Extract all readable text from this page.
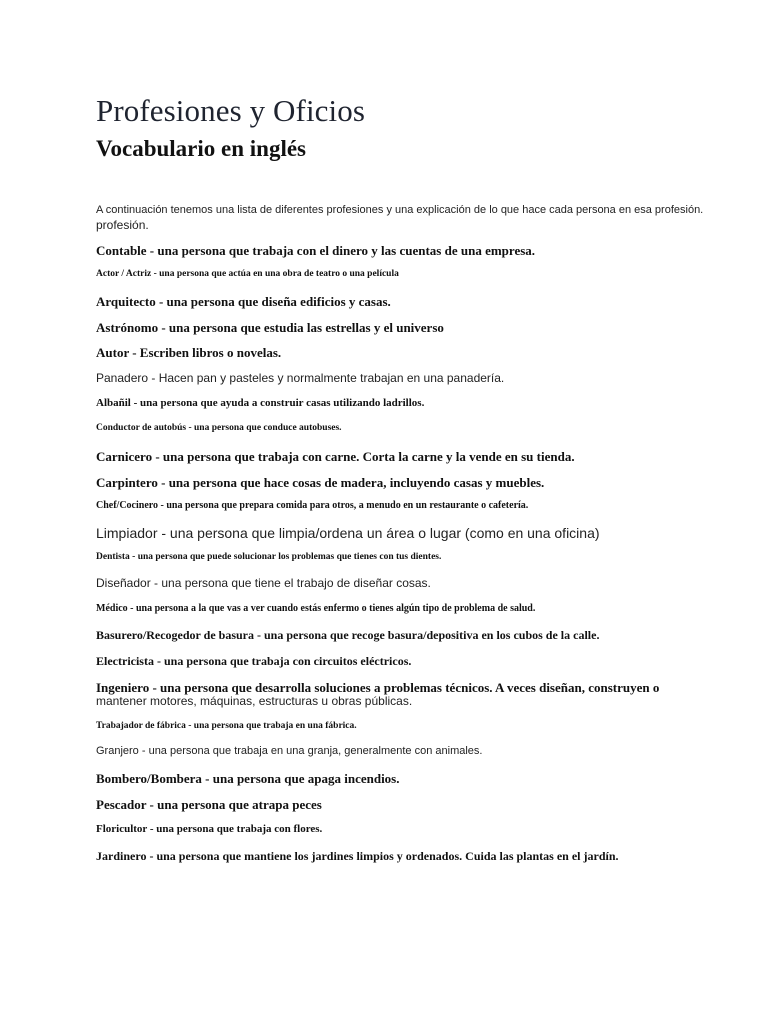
Profesiones y Oficios
Vocabulario en inglés

A continuación tenemos una lista de diferentes profesiones y una explicación de lo que hace cada persona en esa profesión.

profesión.

Contable - una persona que trabaja con el dinero y las cuentas de una empresa.

Actor / Actriz - una persona que actúa en una obra de teatro o una película

Arquitecto - una persona que diseña edificios y casas.

Astrónomo - una persona que estudia las estrellas y el universo

Autor - Escriben libros o novelas.

Panadero - Hacen pan y pasteles y normalmente trabajan en una panadería.

Albañil - una persona que ayuda a construir casas utilizando ladrillos.

Conductor de autobús - una persona que conduce autobuses.

Carnicero - una persona que trabaja con carne. Corta la carne y la vende en su tienda.

Carpintero - una persona que hace cosas de madera, incluyendo casas y muebles.

Chef/Cocinero - una persona que prepara comida para otros, a menudo en un restaurante o cafetería.

Limpiador - una persona que limpia/ordena un área o lugar (como en una oficina)

Dentista - una persona que puede solucionar los problemas que tienes con tus dientes.

Diseñador - una persona que tiene el trabajo de diseñar cosas.

Médico - una persona a la que vas a ver cuando estás enfermo o tienes algún tipo de problema de salud.

Basurero/Recogedor de basura - una persona que recoge basura/depositiva en los cubos de la calle.

Electricista - una persona que trabaja con circuitos eléctricos.

Ingeniero - una persona que desarrolla soluciones a problemas técnicos. A veces diseñan, construyen o

mantener motores, máquinas, estructuras u obras públicas.

Trabajador de fábrica - una persona que trabaja en una fábrica.

Granjero - una persona que trabaja en una granja, generalmente con animales.

Bombero/Bombera - una persona que apaga incendios.

Pescador - una persona que atrapa peces

Floricultor - una persona que trabaja con flores.

Jardinero - una persona que mantiene los jardines limpios y ordenados. Cuida las plantas en el jardín.
